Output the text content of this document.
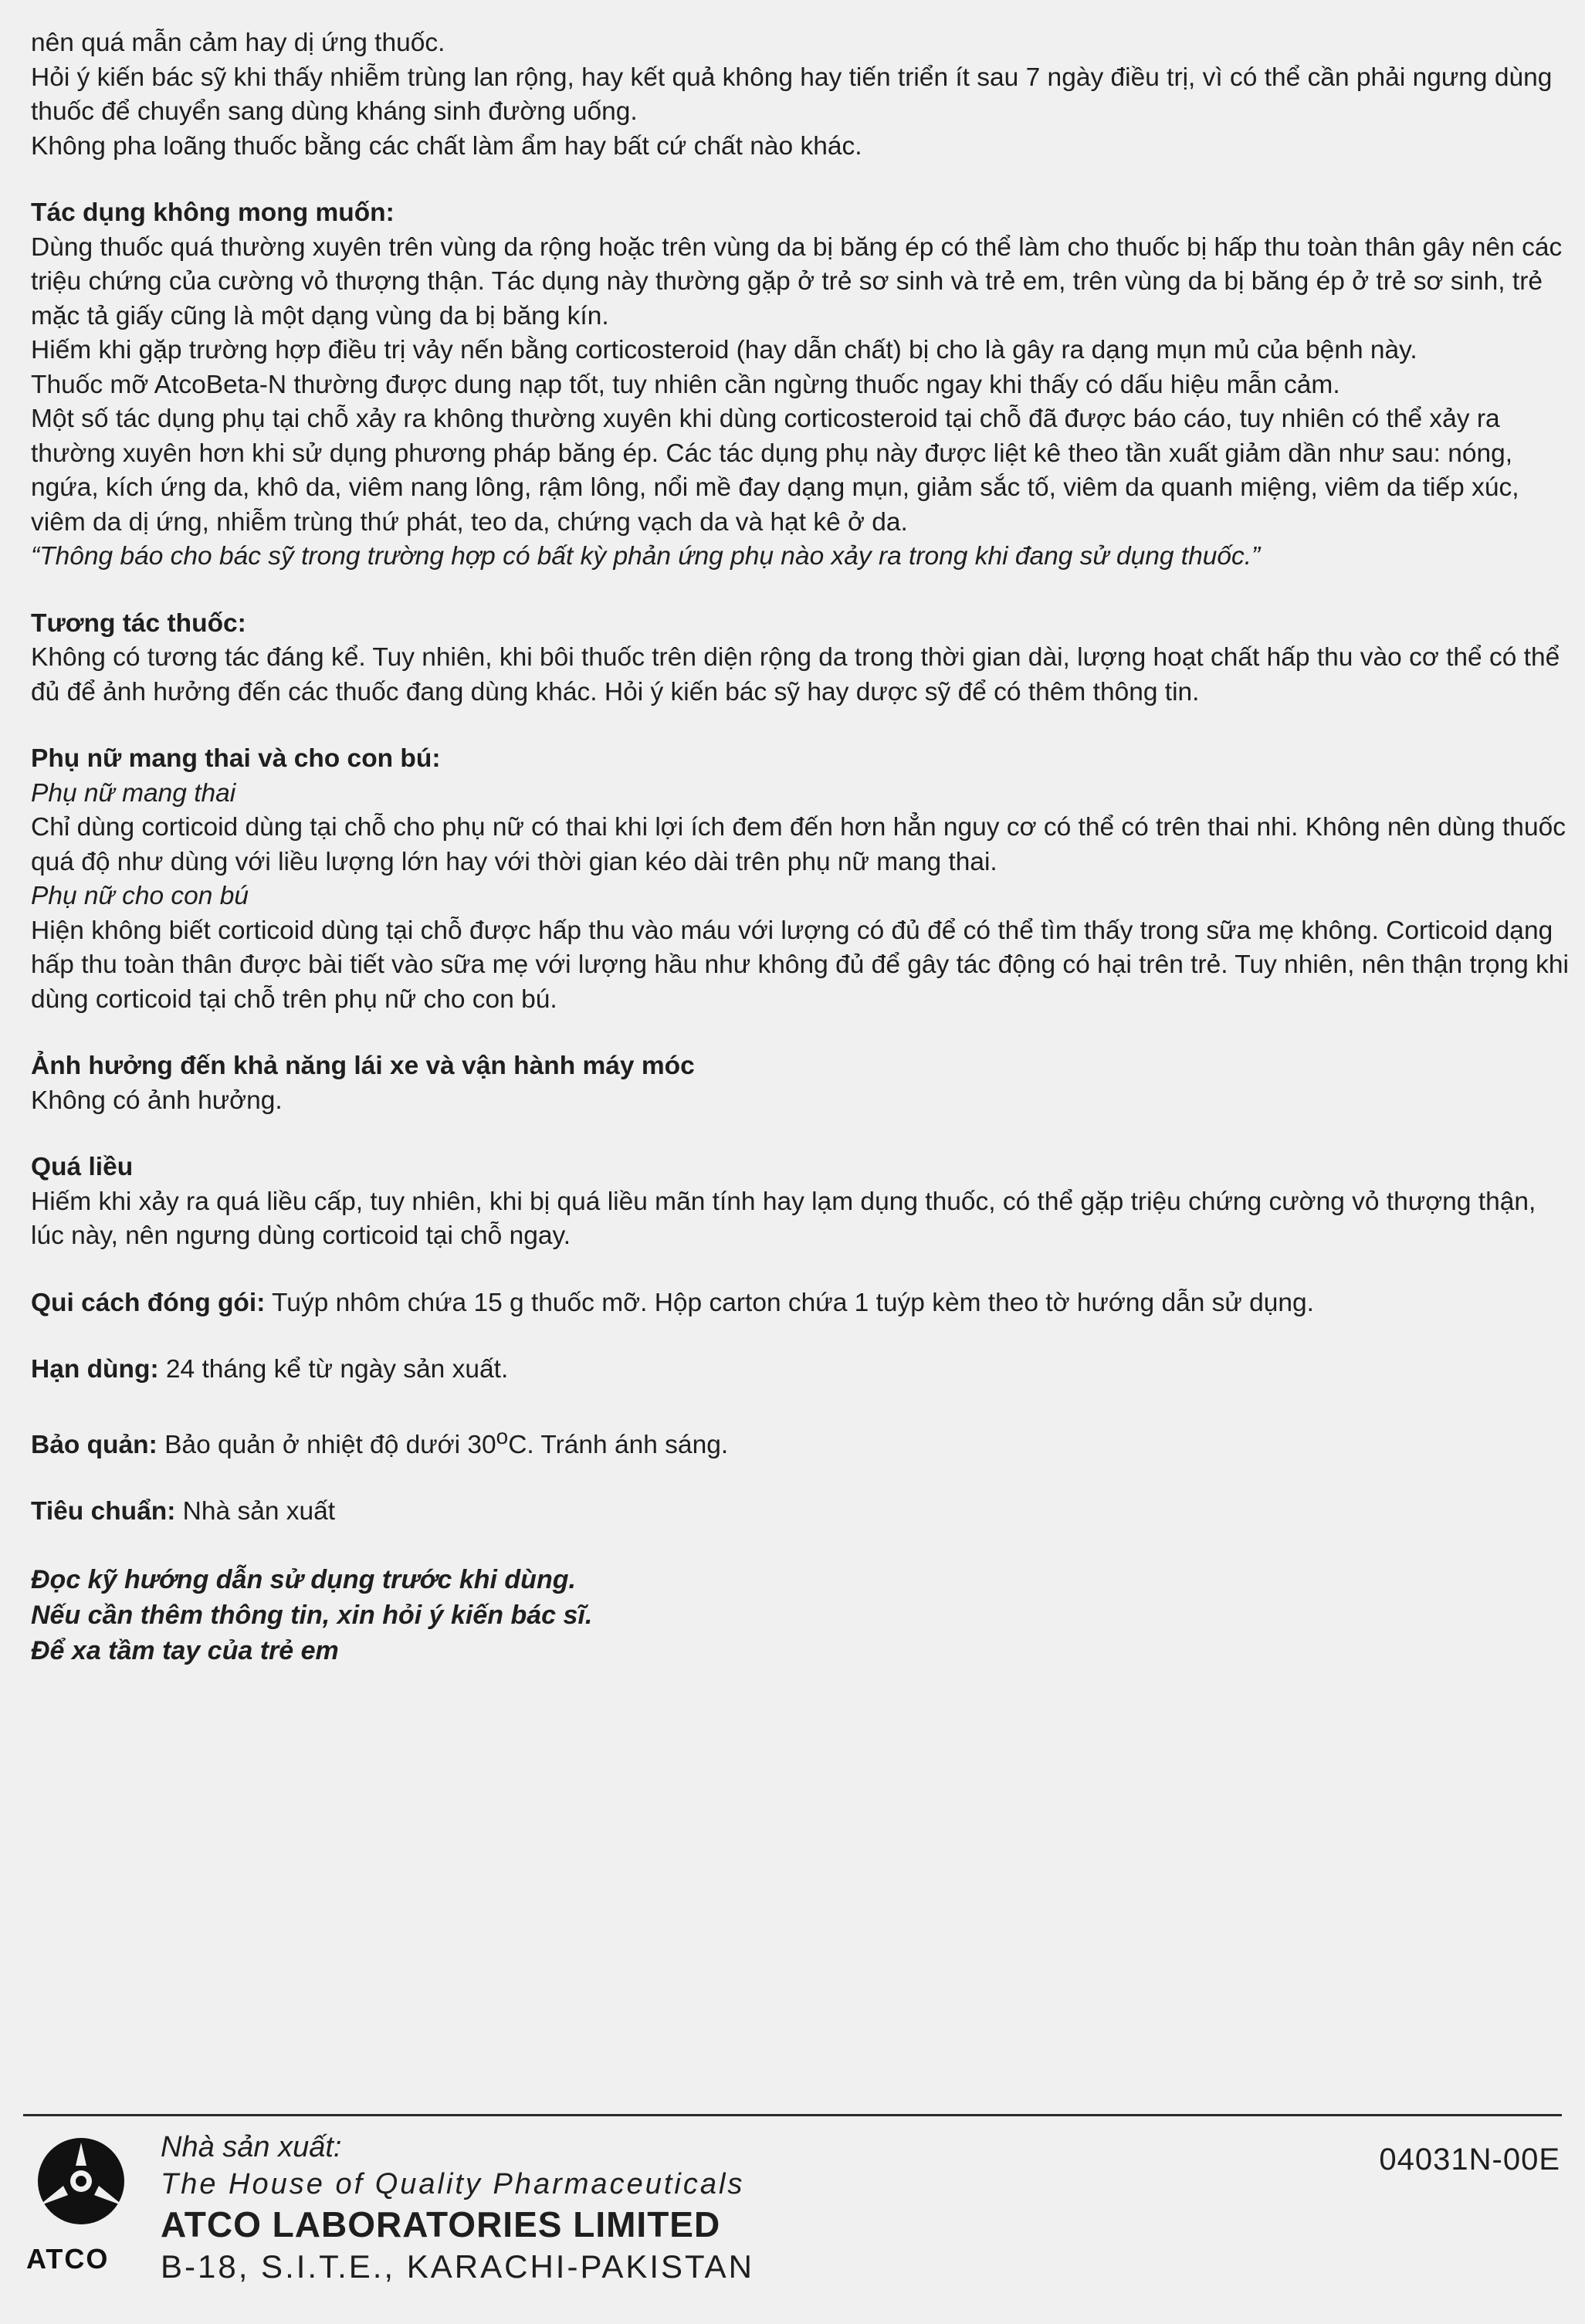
nên quá mẫn cảm hay dị ứng thuốc.

Hỏi ý kiến bác sỹ khi thấy nhiễm trùng lan rộng, hay kết quả không hay tiến triển ít sau 7 ngày điều trị, vì có thể cần phải ngưng dùng thuốc để chuyển sang dùng kháng sinh đường uống.

Không pha loãng thuốc bằng các chất làm ẩm hay bất cứ chất nào khác.

Tác dụng không mong muốn:

Dùng thuốc quá thường xuyên trên vùng da rộng hoặc trên vùng da bị băng ép có thể làm cho thuốc bị hấp thu toàn thân gây nên các triệu chứng của cường vỏ thượng thận. Tác dụng này thường gặp ở trẻ sơ sinh và trẻ em, trên vùng da bị băng ép ở trẻ sơ sinh, trẻ mặc tả giấy cũng là một dạng vùng da bị băng kín.

Hiếm khi gặp trường hợp điều trị vảy nến bằng corticosteroid (hay dẫn chất) bị cho là gây ra dạng mụn mủ của bệnh này.

Thuốc mỡ AtcoBeta-N thường được dung nạp tốt, tuy nhiên cần ngừng thuốc ngay khi thấy có dấu hiệu mẫn cảm.

Một số tác dụng phụ tại chỗ xảy ra không thường xuyên khi dùng corticosteroid tại chỗ đã được báo cáo, tuy nhiên có thể xảy ra thường xuyên hơn khi sử dụng phương pháp băng ép. Các tác dụng phụ này được liệt kê theo tần xuất giảm dần như sau: nóng, ngứa, kích ứng da, khô da, viêm nang lông, rậm lông, nổi mề đay dạng mụn, giảm sắc tố, viêm da quanh miệng, viêm da tiếp xúc, viêm da dị ứng, nhiễm trùng thứ phát, teo da, chứng vạch da và hạt kê ở da.

“Thông báo cho bác sỹ trong trường hợp có bất kỳ phản ứng phụ nào xảy ra trong khi đang sử dụng thuốc.”

Tương tác thuốc:

Không có tương tác đáng kể. Tuy nhiên, khi bôi thuốc trên diện rộng da trong thời gian dài, lượng hoạt chất hấp thu vào cơ thể có thể đủ để ảnh hưởng đến các thuốc đang dùng khác. Hỏi ý kiến bác sỹ hay dược sỹ để có thêm thông tin.

Phụ nữ mang thai và cho con bú:

Phụ nữ mang thai

Chỉ dùng corticoid dùng tại chỗ cho phụ nữ có thai khi lợi ích đem đến hơn hẳn nguy cơ có thể có trên thai nhi. Không nên dùng thuốc quá độ như dùng với liều lượng lớn hay với thời gian kéo dài trên phụ nữ mang thai.

Phụ nữ cho con bú

Hiện không biết corticoid dùng tại chỗ được hấp thu vào máu với lượng có đủ để có thể tìm thấy trong sữa mẹ không. Corticoid dạng hấp thu toàn thân được bài tiết vào sữa mẹ với lượng hầu như không đủ để gây tác động có hại trên trẻ. Tuy nhiên, nên thận trọng khi dùng corticoid tại chỗ trên phụ nữ cho con bú.

Ảnh hưởng đến khả năng lái xe và vận hành máy móc

Không có ảnh hưởng.

Quá liều

Hiếm khi xảy ra quá liều cấp, tuy nhiên, khi bị quá liều mãn tính hay lạm dụng thuốc, có thể gặp triệu chứng cường vỏ thượng thận, lúc này, nên ngưng dùng corticoid tại chỗ ngay.

Qui cách đóng gói: Tuýp nhôm chứa 15 g thuốc mỡ. Hộp carton chứa 1 tuýp kèm theo tờ hướng dẫn sử dụng.

Hạn dùng: 24 tháng kể từ ngày sản xuất.

Bảo quản: Bảo quản ở nhiệt độ dưới 30$^o$C. Tránh ánh sáng.

Tiêu chuẩn: Nhà sản xuất

Đọc kỹ hướng dẫn sử dụng trước khi dùng.

Nếu cần thêm thông tin, xin hỏi ý kiến bác sĩ.

Để xa tầm tay của trẻ em

ATCO
Nhà sản xuất:
The House of Quality Pharmaceuticals
ATCO LABORATORIES LIMITED
B-18, S.I.T.E., KARACHI-PAKISTAN
04031N-00E
